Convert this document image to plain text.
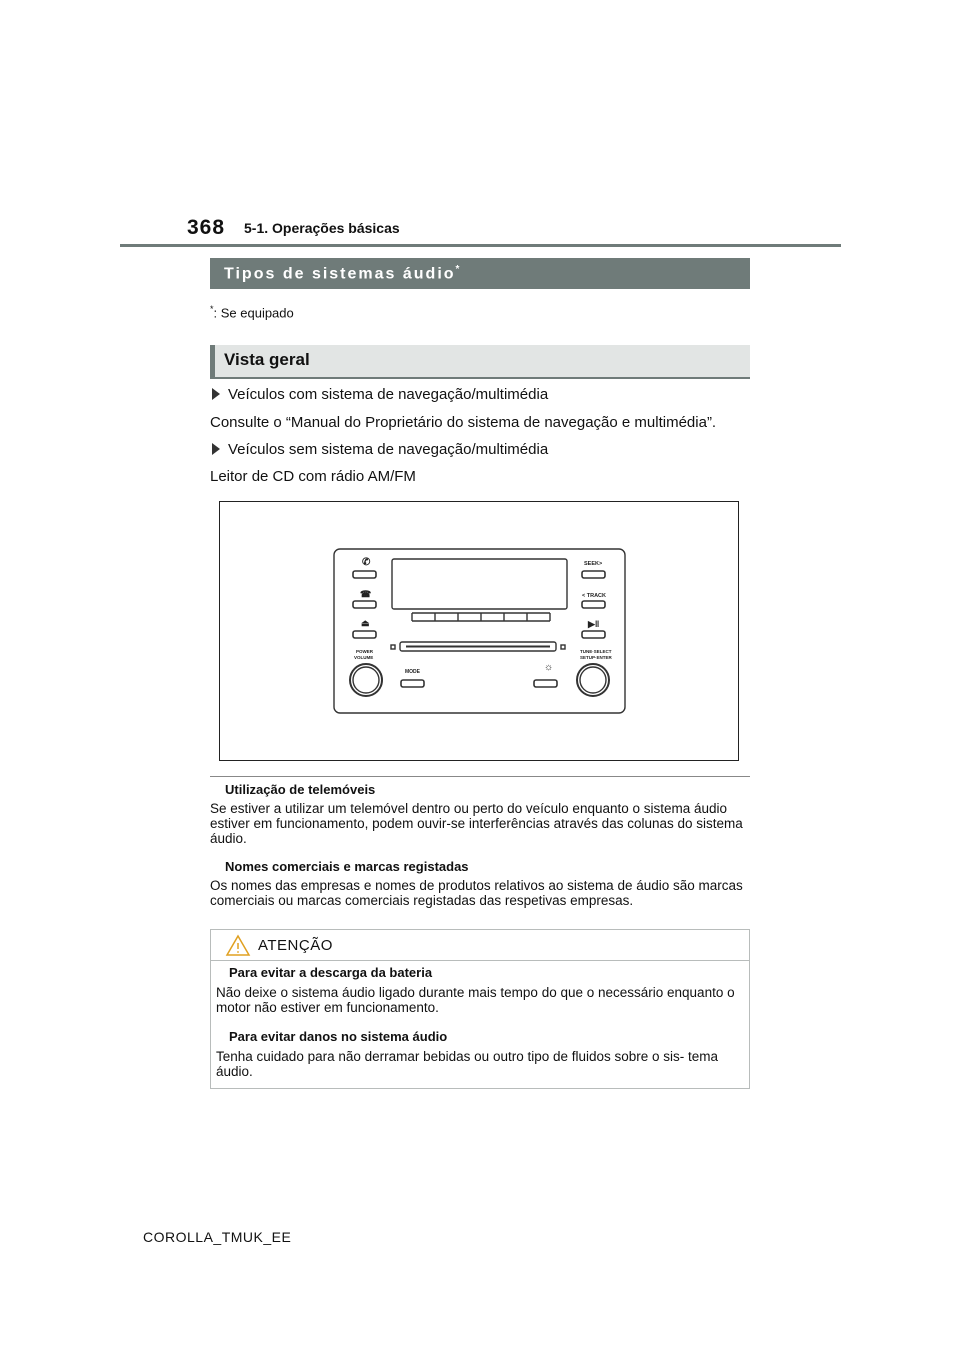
368 5-1. Operações básicas
Tipos de sistemas áudio*
*: Se equipado
Vista geral
Veículos com sistema de navegação/multimédia
Consulte o “Manual do Proprietário do sistema de navegação e multimédia”.
Veículos sem sistema de navegação/multimédia
Leitor de CD com rádio AM/FM
✆
☎
⏏	▶‖
☼
SEEK>
< TRACK
POWER
VOLUME
MODE
TUNE·SELECT
SETUP·ENTER
Utilização de telemóveis
Se estiver a utilizar um telemóvel dentro ou perto do veículo enquanto o sistema áudio estiver em funcionamento, podem ouvir-se interferências através das colunas do sistema áudio.
Nomes comerciais e marcas registadas
Os nomes das empresas e nomes de produtos relativos ao sistema de áudio são marcas comerciais ou marcas comerciais registadas das respetivas empresas.
ATENÇÃO
Para evitar a descarga da bateria
Não deixe o sistema áudio ligado durante mais tempo do que o necessário enquanto o motor não estiver em funcionamento.
Para evitar danos no sistema áudio
Tenha cuidado para não derramar bebidas ou outro tipo de fluidos sobre o sis- tema áudio.
COROLLA_TMUK_EE
